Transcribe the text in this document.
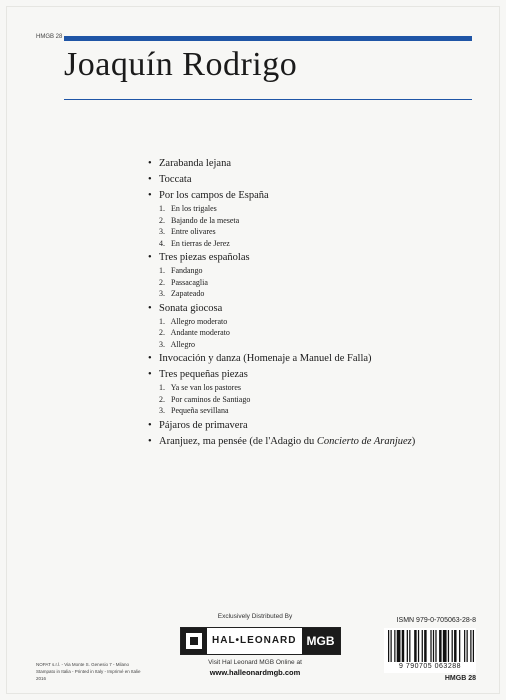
HMGB 28
Joaquín Rodrigo
• Zarabanda lejana
• Toccata
• Por los campos de España
1. En los trigales
2. Bajando de la meseta
3. Entre olivares
4. En tierras de Jerez
• Tres piezas españolas
1. Fandango
2. Passacaglia
3. Zapateado
• Sonata giocosa
1. Allegro moderato
2. Andante moderato
3. Allegro
• Invocación y danza (Homenaje a Manuel de Falla)
• Tres pequeñas piezas
1. Ya se van los pastores
2. Por caminos de Santiago
3. Pequeña sevillana
• Pájaros de primavera
• Aranjuez, ma pensée (de l'Adagio du Concierto de Aranjuez)
Exclusively Distributed By
HAL•LEONARD MGB
Visit Hal Leonard MGB Online at
www.halleonardmgb.com
NOPAT s.r.l. - Via Monte S. Genesio 7 - Milano
Stampato in Italia - Printed in Italy - Imprimé en Italie 2016
ISMN 979-0-705063-28-8
9 790705 063288
HMGB 28
